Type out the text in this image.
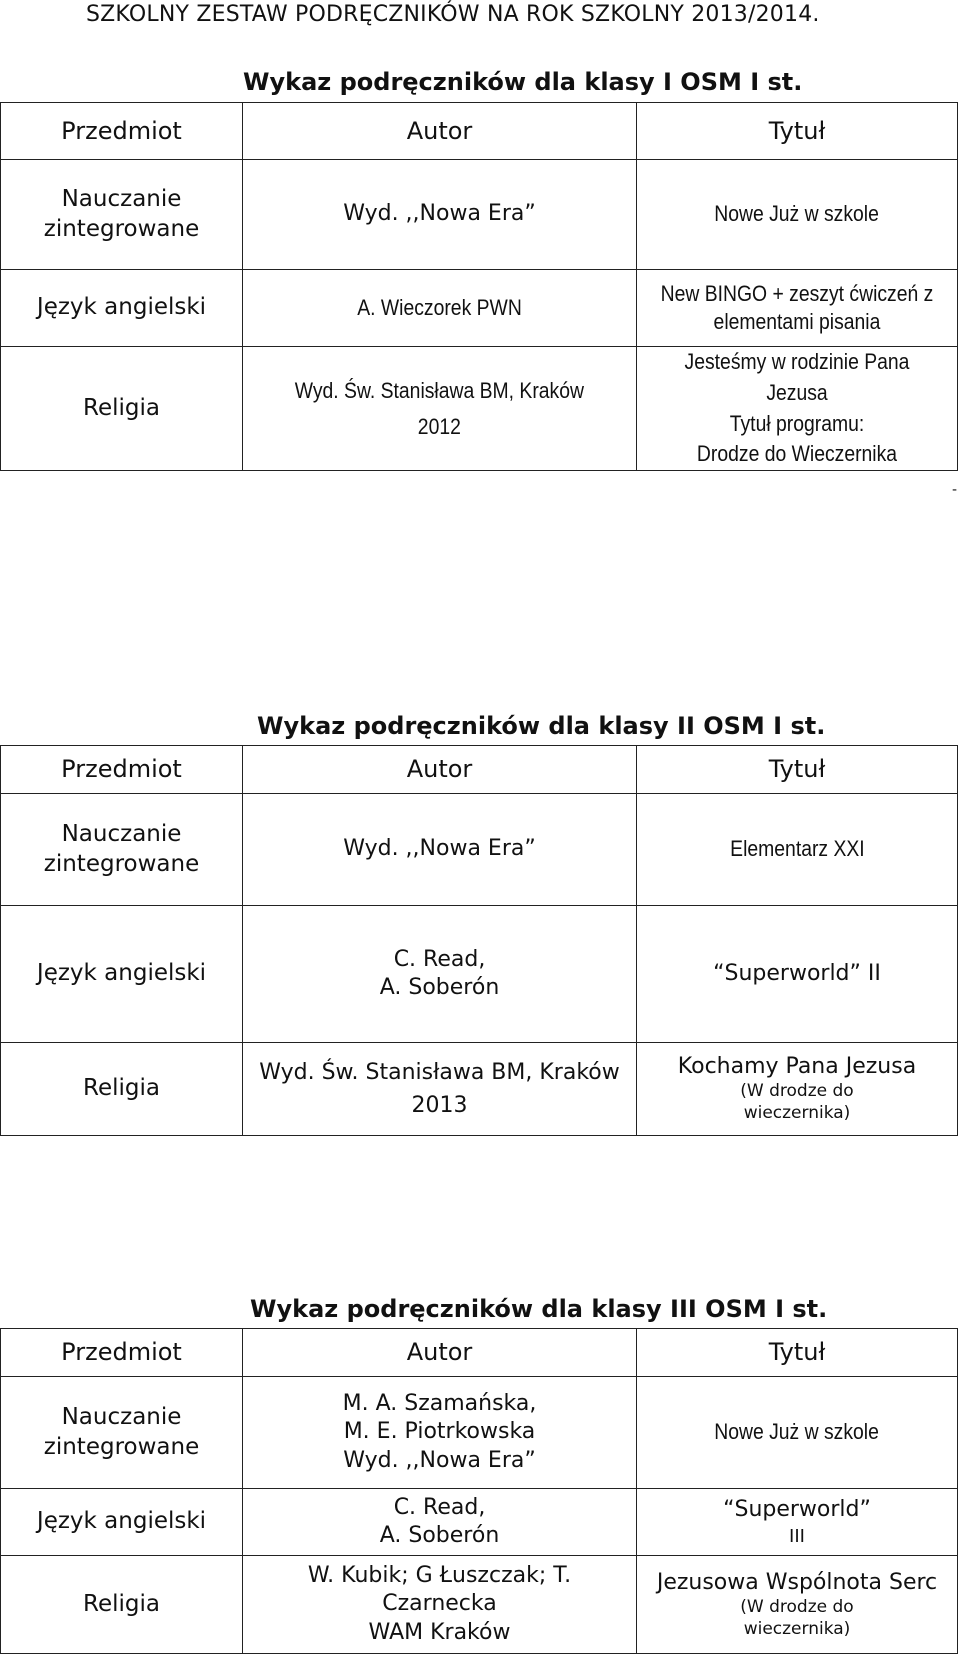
SZKOLNY ZESTAW PODRĘCZNIKÓW NA ROK SZKOLNY 2013/2014.
-
Wykaz podręczników dla klasy I OSM I st.
Przedmiot	Autor	Tytuł

Nauczanie
zintegrowane	Wyd. ,,Nowa Era”	Nowe Już w szkole

Język angielski	A. Wieczorek PWN	New BINGO + zeszyt ćwiczeń z
elementami pisania

Religia	Wyd. Św. Stanisława BM, Kraków
2012	Jesteśmy w rodzinie Pana Jezusa
Tytuł programu:
Drodze do Wieczernika
Wykaz podręczników dla klasy II OSM I st.
Przedmiot	Autor	Tytuł

Nauczanie
zintegrowane	Wyd. ,,Nowa Era”	Elementarz XXI

Język angielski	C. Read,
A. Soberón	“Superworld” II

Religia	Wyd. Św. Stanisława BM, Kraków
2013	Kochamy Pana Jezusa
(W drodze do
wieczernika)
Wykaz podręczników dla klasy III OSM I st.
Przedmiot	Autor	Tytuł

Nauczanie
zintegrowane	M. A. Szamańska,
M. E. Piotrkowska
Wyd. ,,Nowa Era”	Nowe Już w szkole

Język angielski	C. Read,
A. Soberón	“Superworld”
III

Religia	W. Kubik; G Łuszczak; T.
Czarnecka
WAM Kraków	Jezusowa Wspólnota Serc
(W drodze do
wieczernika)
